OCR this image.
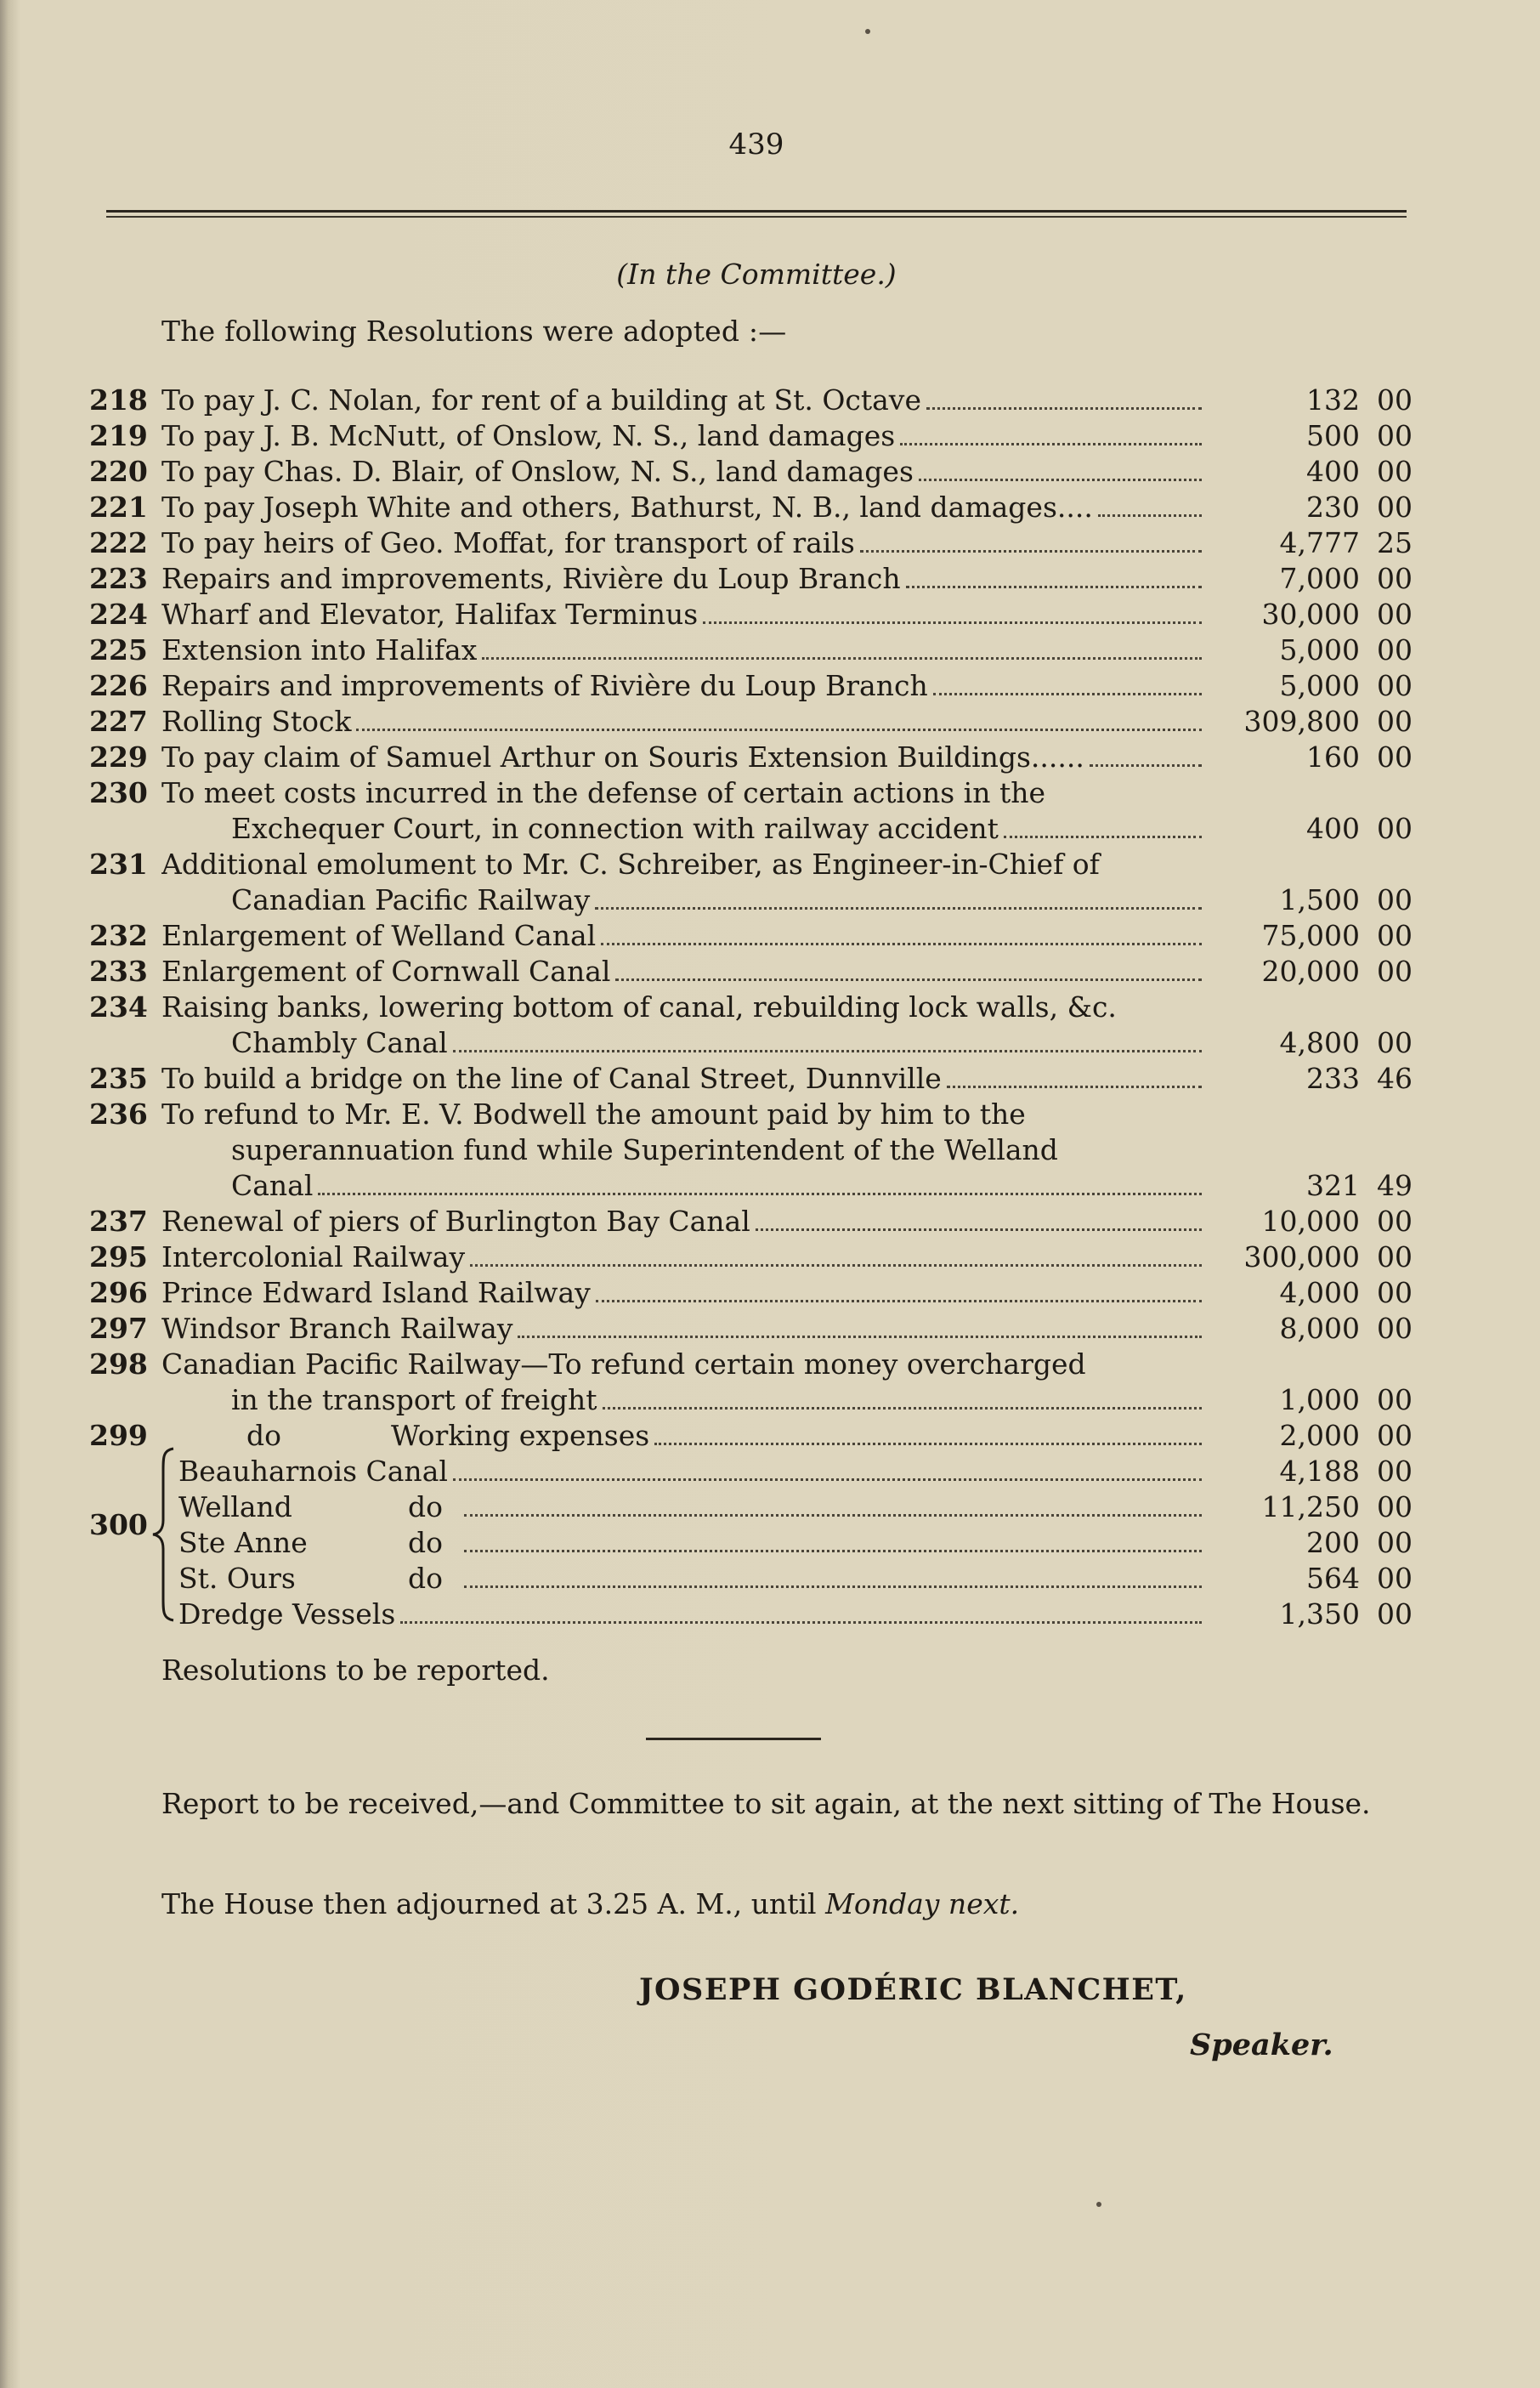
439
(In the Committee.)
The following Resolutions were adopted :—
218 To pay J. C. Nolan, for rent of a building at St. Octave	132 00
219 To pay J. B. McNutt, of Onslow, N. S., land damages	500 00
220 To pay Chas. D. Blair, of Onslow, N. S., land damages	400 00
221 To pay Joseph White and others, Bathurst, N. B., land damages....	230 00
222 To pay heirs of Geo. Moffat, for transport of rails	4,777 25
223 Repairs and improvements, Rivière du Loup Branch	7,000 00
224 Wharf and Elevator, Halifax Terminus	30,000 00
225 Extension into Halifax	5,000 00
226 Repairs and improvements of Rivière du Loup Branch	5,000 00
227 Rolling Stock	309,800 00
229 To pay claim of Samuel Arthur on Souris Extension Buildings......	160 00
230 To meet costs incurred in the defense of certain actions in the
Exchequer Court, in connection with railway accident	400 00
231 Additional emolument to Mr. C. Schreiber, as Engineer-in-Chief of
Canadian Pacific Railway	1,500 00
232 Enlargement of Welland Canal	75,000 00
233 Enlargement of Cornwall Canal	20,000 00
234 Raising banks, lowering bottom of canal, rebuilding lock walls, &c.
Chambly Canal	4,800 00
235 To build a bridge on the line of Canal Street, Dunnville	233 46
236 To refund to Mr. E. V. Bodwell the amount paid by him to the
superannuation fund while Superintendent of the Welland
Canal	321 49
237 Renewal of piers of Burlington Bay Canal	10,000 00
295 Intercolonial Railway	300,000 00
296 Prince Edward Island Railway	4,000 00
297 Windsor Branch Railway	8,000 00
298 Canadian Pacific Railway—To refund certain money overcharged
in the transport of freight	1,000 00
299	do	Working expenses	2,000 00
Beauharnois Canal	4,188 00
Welland	do	11,250 00
Ste Anne	do	200 00
St. Ours	do	564 00
Dredge Vessels	1,350 00
300
Resolutions to be reported.
Report to be received,—and Committee to sit again, at the next sitting of The House.
The House then adjourned at 3.25 A. M., until Monday next.
JOSEPH GODÉRIC BLANCHET,
Speaker.
